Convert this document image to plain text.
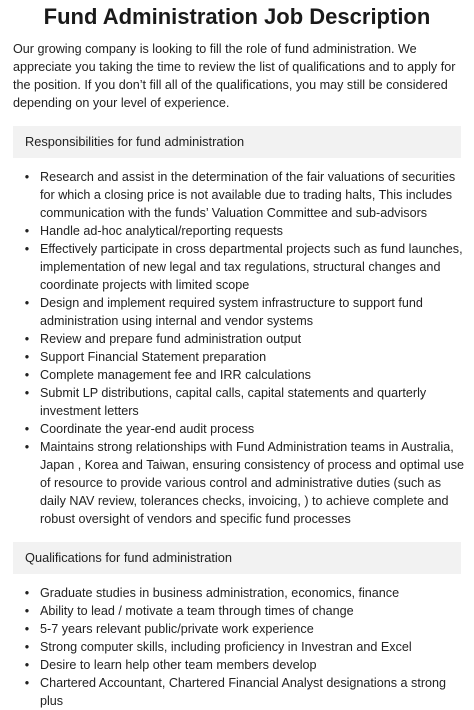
Fund Administration Job Description

Our growing company is looking to fill the role of fund administration. We appreciate you taking the time to review the list of qualifications and to apply for the position. If you don’t fill all of the qualifications, you may still be considered depending on your level of experience.

Responsibilities for fund administration
• Research and assist in the determination of the fair valuations of securities for which a closing price is not available due to trading halts, This includes communication with the funds’ Valuation Committee and sub-advisors
• Handle ad-hoc analytical/reporting requests
• Effectively participate in cross departmental projects such as fund launches, implementation of new legal and tax regulations, structural changes and coordinate projects with limited scope
• Design and implement required system infrastructure to support fund administration using internal and vendor systems
• Review and prepare fund administration output
• Support Financial Statement preparation
• Complete management fee and IRR calculations
• Submit LP distributions, capital calls, capital statements and quarterly investment letters
• Coordinate the year-end audit process
• Maintains strong relationships with Fund Administration teams in Australia, Japan , Korea and Taiwan, ensuring consistency of process and optimal use of resource to provide various control and administrative duties (such as daily NAV review, tolerances checks, invoicing, ) to achieve complete and robust oversight of vendors and specific fund processes
Qualifications for fund administration
• Graduate studies in business administration, economics, finance
• Ability to lead / motivate a team through times of change
• 5-7 years relevant public/private work experience
• Strong computer skills, including proficiency in Investran and Excel
• Desire to learn help other team members develop
• Chartered Accountant, Chartered Financial Analyst designations a strong plus
